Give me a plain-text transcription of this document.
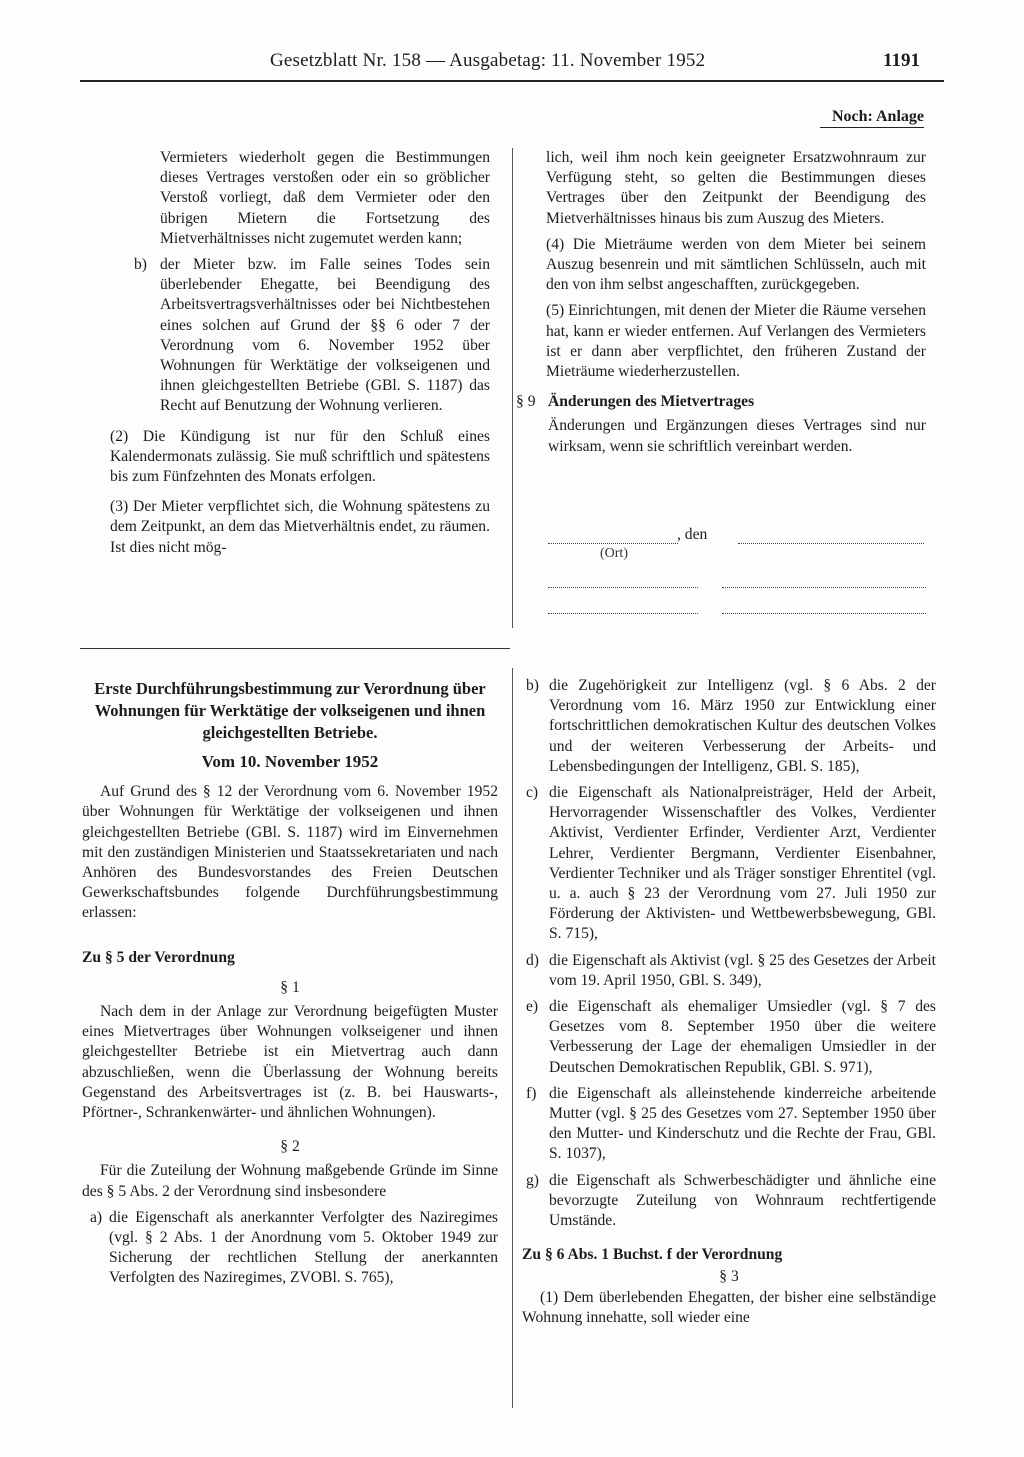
Gesetzblatt Nr. 158 — Ausgabetag: 11. November 1952	1191
Noch: Anlage

Vermieters wiederholt gegen die Bestimmungen dieses Vertrages verstoßen oder ein so gröblicher Verstoß vorliegt, daß dem Vermieter oder den übrigen Mietern die Fortsetzung des Mietverhältnisses nicht zugemutet werden kann;

b) der Mieter bzw. im Falle seines Todes sein überlebender Ehegatte, bei Beendigung des Arbeitsvertragsverhältnisses oder bei Nichtbestehen eines solchen auf Grund der §§ 6 oder 7 der Verordnung vom 6. November 1952 über Wohnungen für Werktätige der volkseigenen und ihnen gleichgestellten Betriebe (GBl. S. 1187) das Recht auf Benutzung der Wohnung verlieren.

(2) Die Kündigung ist nur für den Schluß eines Kalendermonats zulässig. Sie muß schriftlich und spätestens bis zum Fünfzehnten des Monats erfolgen.

(3) Der Mieter verpflichtet sich, die Wohnung spätestens zu dem Zeitpunkt, an dem das Mietverhältnis endet, zu räumen. Ist dies nicht mög-

lich, weil ihm noch kein geeigneter Ersatzwohnraum zur Verfügung steht, so gelten die Bestimmungen dieses Vertrages über den Zeitpunkt der Beendigung des Mietverhältnisses hinaus bis zum Auszug des Mieters.

(4) Die Mieträume werden von dem Mieter bei seinem Auszug besenrein und mit sämtlichen Schlüsseln, auch mit den von ihm selbst angeschafften, zurückgegeben.

(5) Einrichtungen, mit denen der Mieter die Räume versehen hat, kann er wieder entfernen. Auf Verlangen des Vermieters ist er dann aber verpflichtet, den früheren Zustand der Mieträume wiederherzustellen.

§ 9 Änderungen des Mietvertrages

Änderungen und Ergänzungen dieses Vertrages sind nur wirksam, wenn sie schriftlich vereinbart werden.

, den
(Ort)
Erste Durchführungsbestimmung zur Verordnung über Wohnungen für Werktätige der volkseigenen und ihnen gleichgestellten Betriebe.
Vom 10. November 1952

Auf Grund des § 12 der Verordnung vom 6. November 1952 über Wohnungen für Werktätige der volkseigenen und ihnen gleichgestellten Betriebe (GBl. S. 1187) wird im Einvernehmen mit den zuständigen Ministerien und Staatssekretariaten und nach Anhören des Bundesvorstandes des Freien Deutschen Gewerkschaftsbundes folgende Durchführungsbestimmung erlassen:

Zu § 5 der Verordnung
§ 1

Nach dem in der Anlage zur Verordnung beigefügten Muster eines Mietvertrages über Wohnungen volkseigener und ihnen gleichgestellter Betriebe ist ein Mietvertrag auch dann abzuschließen, wenn die Überlassung der Wohnung bereits Gegenstand des Arbeitsvertrages ist (z. B. bei Hauswarts-, Pförtner-, Schrankenwärter- und ähnlichen Wohnungen).

§ 2

Für die Zuteilung der Wohnung maßgebende Gründe im Sinne des § 5 Abs. 2 der Verordnung sind insbesondere

a) die Eigenschaft als anerkannter Verfolgter des Naziregimes (vgl. § 2 Abs. 1 der Anordnung vom 5. Oktober 1949 zur Sicherung der rechtlichen Stellung der anerkannten Verfolgten des Naziregimes, ZVOBl. S. 765),
b) die Zugehörigkeit zur Intelligenz (vgl. § 6 Abs. 2 der Verordnung vom 16. März 1950 zur Entwicklung einer fortschrittlichen demokratischen Kultur des deutschen Volkes und der weiteren Verbesserung der Arbeits- und Lebensbedingungen der Intelligenz, GBl. S. 185),
c) die Eigenschaft als Nationalpreisträger, Held der Arbeit, Hervorragender Wissenschaftler des Volkes, Verdienter Aktivist, Verdienter Erfinder, Verdienter Arzt, Verdienter Lehrer, Verdienter Bergmann, Verdienter Eisenbahner, Verdienter Techniker und als Träger sonstiger Ehrentitel (vgl. u. a. auch § 23 der Verordnung vom 27. Juli 1950 zur Förderung der Aktivisten- und Wettbewerbsbewegung, GBl. S. 715),
d) die Eigenschaft als Aktivist (vgl. § 25 des Gesetzes der Arbeit vom 19. April 1950, GBl. S. 349),
e) die Eigenschaft als ehemaliger Umsiedler (vgl. § 7 des Gesetzes vom 8. September 1950 über die weitere Verbesserung der Lage der ehemaligen Umsiedler in der Deutschen Demokratischen Republik, GBl. S. 971),
f) die Eigenschaft als alleinstehende kinderreiche arbeitende Mutter (vgl. § 25 des Gesetzes vom 27. September 1950 über den Mutter- und Kinderschutz und die Rechte der Frau, GBl. S. 1037),
g) die Eigenschaft als Schwerbeschädigter und ähnliche eine bevorzugte Zuteilung von Wohnraum rechtfertigende Umstände.
Zu § 6 Abs. 1 Buchst. f der Verordnung
§ 3

(1) Dem überlebenden Ehegatten, der bisher eine selbständige Wohnung innehatte, soll wieder eine
